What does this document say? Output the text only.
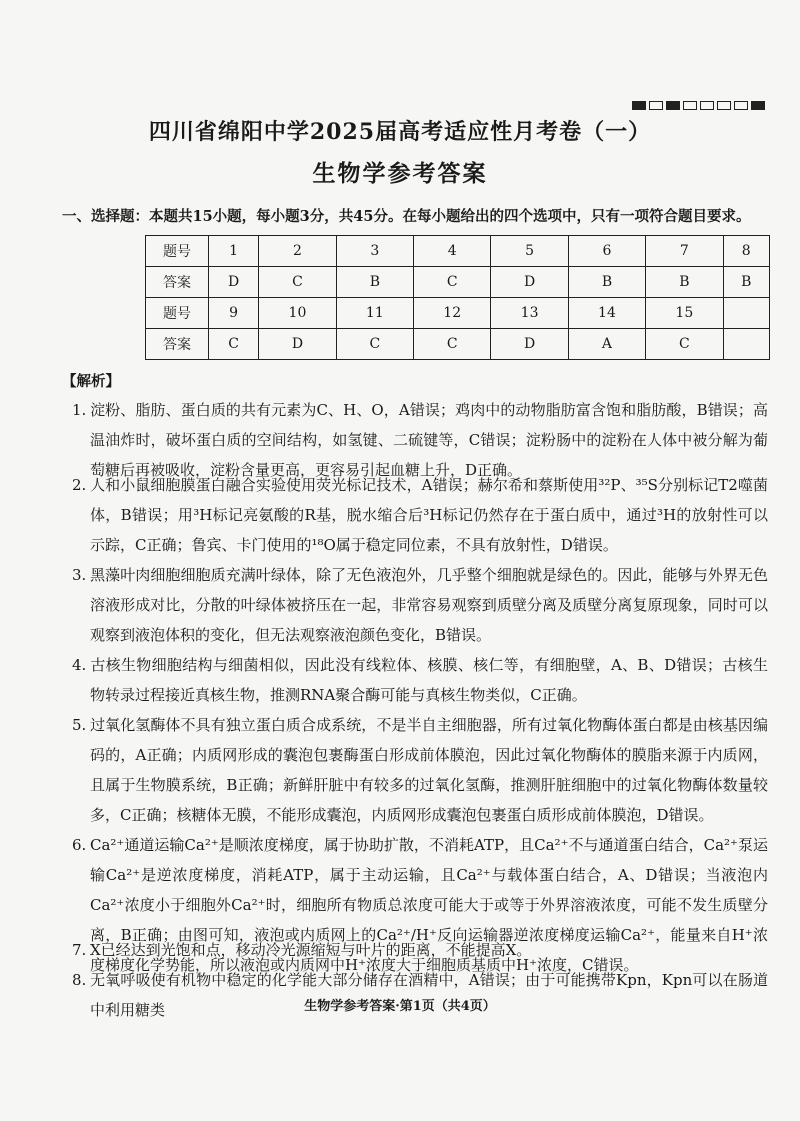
四川省绵阳中学2025届高考适应性月考卷（一）
生物学参考答案
一、选择题：本题共15小题，每小题3分，共45分。在每小题给出的四个选项中，只有一项符合题目要求。
题号	1	2	3	4	5	6	7	8
答案	D	C	B	C	D	B	B	B
题号	9	10	11	12	13	14	15	
答案	C	D	C	C	D	A	C	
【解析】
1. 淀粉、脂肪、蛋白质的共有元素为C、H、O，A错误；鸡肉中的动物脂肪富含饱和脂肪酸，B错误；高温油炸时，破坏蛋白质的空间结构，如氢键、二硫键等，C错误；淀粉肠中的淀粉在人体中被分解为葡萄糖后再被吸收，淀粉含量更高，更容易引起血糖上升，D正确。
2. 人和小鼠细胞膜蛋白融合实验使用荧光标记技术，A错误；赫尔希和蔡斯使用³²P、³⁵S分别标记T2噬菌体，B错误；用³H标记亮氨酸的R基，脱水缩合后³H标记仍然存在于蛋白质中，通过³H的放射性可以示踪，C正确；鲁宾、卡门使用的¹⁸O属于稳定同位素，不具有放射性，D错误。
3. 黑藻叶肉细胞细胞质充满叶绿体，除了无色液泡外，几乎整个细胞就是绿色的。因此，能够与外界无色溶液形成对比，分散的叶绿体被挤压在一起，非常容易观察到质壁分离及质壁分离复原现象，同时可以观察到液泡体积的变化，但无法观察液泡颜色变化，B错误。
4. 古核生物细胞结构与细菌相似，因此没有线粒体、核膜、核仁等，有细胞壁，A、B、D错误；古核生物转录过程接近真核生物，推测RNA聚合酶可能与真核生物类似，C正确。
5. 过氧化氢酶体不具有独立蛋白质合成系统，不是半自主细胞器，所有过氧化物酶体蛋白都是由核基因编码的，A正确；内质网形成的囊泡包裹酶蛋白形成前体膜泡，因此过氧化物酶体的膜脂来源于内质网，且属于生物膜系统，B正确；新鲜肝脏中有较多的过氧化氢酶，推测肝脏细胞中的过氧化物酶体数量较多，C正确；核糖体无膜，不能形成囊泡，内质网形成囊泡包裹蛋白质形成前体膜泡，D错误。
6. Ca²⁺通道运输Ca²⁺是顺浓度梯度，属于协助扩散，不消耗ATP，且Ca²⁺不与通道蛋白结合，Ca²⁺泵运输Ca²⁺是逆浓度梯度，消耗ATP，属于主动运输，且Ca²⁺与载体蛋白结合，A、D错误；当液泡内Ca²⁺浓度小于细胞外Ca²⁺时，细胞所有物质总浓度可能大于或等于外界溶液浓度，可能不发生质壁分离，B正确；由图可知，液泡或内质网上的Ca²⁺/H⁺反向运输器逆浓度梯度运输Ca²⁺，能量来自H⁺浓度梯度化学势能，所以液泡或内质网中H⁺浓度大于细胞质基质中H⁺浓度，C错误。
7. X已经达到光饱和点，移动冷光源缩短与叶片的距离，不能提高X。
8. 无氧呼吸使有机物中稳定的化学能大部分储存在酒精中，A错误；由于可能携带Kpn，Kpn可以在肠道中利用糖类	生物学参考答案·第1页（共4页）
